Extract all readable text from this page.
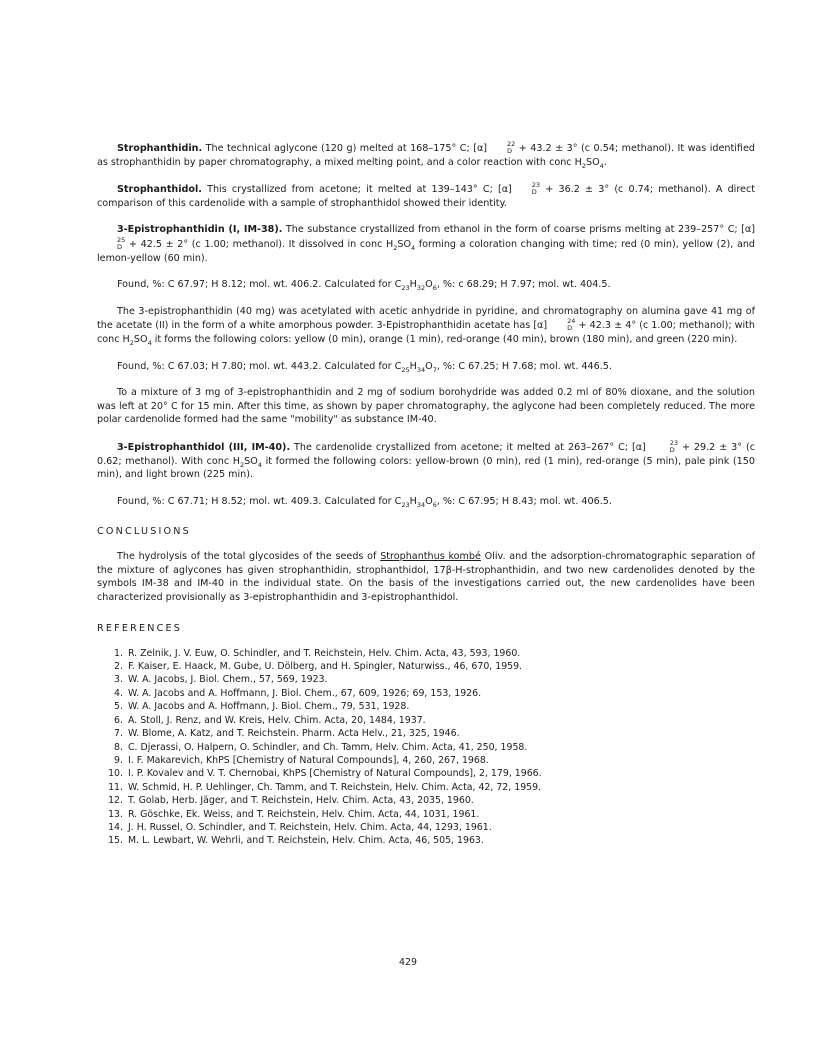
Strophanthidin. The technical aglycone (120 g) melted at 168–175° C; [α]	22
D + 43.2 ± 3° (c 0.54; methanol). It was identified as strophanthidin by paper chromatography, a mixed melting point, and a color reaction with conc $H_2SO_4$.

Strophanthidol. This crystallized from acetone; it melted at 139–143° C; [α]	23
D + 36.2 ± 3° (c 0.74; methanol). A direct comparison of this cardenolide with a sample of strophanthidol showed their identity.

3-Epistrophanthidin (I, IM-38). The substance crystallized from ethanol in the form of coarse prisms melting at 239–257° C; [α]
25
D + 42.5 ± 2° (c 1.00; methanol). It dissolved in conc $H_2SO_4$ forming a coloration changing with time; red (0 min), yellow (2), and lemon-yellow (60 min).

Found, %: C 67.97; H 8.12; mol. wt. 406.2. Calculated for $C_{23}H_{32}O_6$, %: c 68.29; H 7.97; mol. wt. 404.5.

The 3-epistrophanthidin (40 mg) was acetylated with acetic anhydride in pyridine, and chromatography on alumina gave 41 mg of the acetate (II) in the form of a white amorphous powder. 3-Epistrophanthidin acetate has [α]	24
D + 42.3 ± 4° (c 1.00; methanol); with conc $H_2SO_4$ it forms the following colors: yellow (0 min), orange (1 min), red-orange (40 min), brown (180 min), and green (220 min).

Found, %: C 67.03; H 7.80; mol. wt. 443.2. Calculated for $C_{25}H_{34}O_7$, %: C 67.25; H 7.68; mol. wt. 446.5.

To a mixture of 3 mg of 3-epistrophanthidin and 2 mg of sodium borohydride was added 0.2 ml of 80% dioxane, and the solution was left at 20° C for 15 min. After this time, as shown by paper chromatography, the aglycone had been completely reduced. The more polar cardenolide formed had the same "mobility" as substance IM-40.

3-Epistrophanthidol (III, IM-40). The cardenolide crystallized from acetone; it melted at 263–267° C; [α]	23
D + 29.2 ± 3° (c 0.62; methanol). With conc $H_2SO_4$ it formed the following colors: yellow-brown (0 min), red (1 min), red-orange (5 min), pale pink (150 min), and light brown (225 min).

Found, %: C 67.71; H 8.52; mol. wt. 409.3. Calculated for $C_{23}H_{34}O_6$, %: C 67.95; H 8.43; mol. wt. 406.5.

CONCLUSIONS

The hydrolysis of the total glycosides of the seeds of Strophanthus kombé Oliv. and the adsorption-chromatographic separation of the mixture of aglycones has given strophanthidin, strophanthidol, 17β-H-strophanthidin, and two new cardenolides denoted by the symbols IM-38 and IM-40 in the individual state. On the basis of the investigations carried out, the new cardenolides have been characterized provisionally as 3-epistrophanthidin and 3-epistrophanthidol.

REFERENCES
1. R. Zelnik, J. V. Euw, O. Schindler, and T. Reichstein, Helv. Chim. Acta, 43, 593, 1960.
2. F. Kaiser, E. Haack, M. Gube, U. Dölberg, and H. Spingler, Naturwiss., 46, 670, 1959.
3. W. A. Jacobs, J. Biol. Chem., 57, 569, 1923.
4. W. A. Jacobs and A. Hoffmann, J. Biol. Chem., 67, 609, 1926; 69, 153, 1926.
5. W. A. Jacobs and A. Hoffmann, J. Biol. Chem., 79, 531, 1928.
6. A. Stoll, J. Renz, and W. Kreis, Helv. Chim. Acta, 20, 1484, 1937.
7. W. Blome, A. Katz, and T. Reichstein. Pharm. Acta Helv., 21, 325, 1946.
8. C. Djerassi, O. Halpern, O. Schindler, and Ch. Tamm, Helv. Chim. Acta, 41, 250, 1958.
9. I. F. Makarevich, KhPS [Chemistry of Natural Compounds], 4, 260, 267, 1968.
10. I. P. Kovalev and V. T. Chernobai, KhPS [Chemistry of Natural Compounds], 2, 179, 1966.
11. W. Schmid, H. P. Uehlinger, Ch. Tamm, and T. Reichstein, Helv. Chim. Acta, 42, 72, 1959.
12. T. Golab, Herb. Jäger, and T. Reichstein, Helv. Chim. Acta, 43, 2035, 1960.
13. R. Göschke, Ek. Weiss, and T. Reichstein, Helv. Chim. Acta, 44, 1031, 1961.
14. J. H. Russel, O. Schindler, and T. Reichstein, Helv. Chim. Acta, 44, 1293, 1961.
15. M. L. Lewbart, W. Wehrli, and T. Reichstein, Helv. Chim. Acta, 46, 505, 1963.
429
